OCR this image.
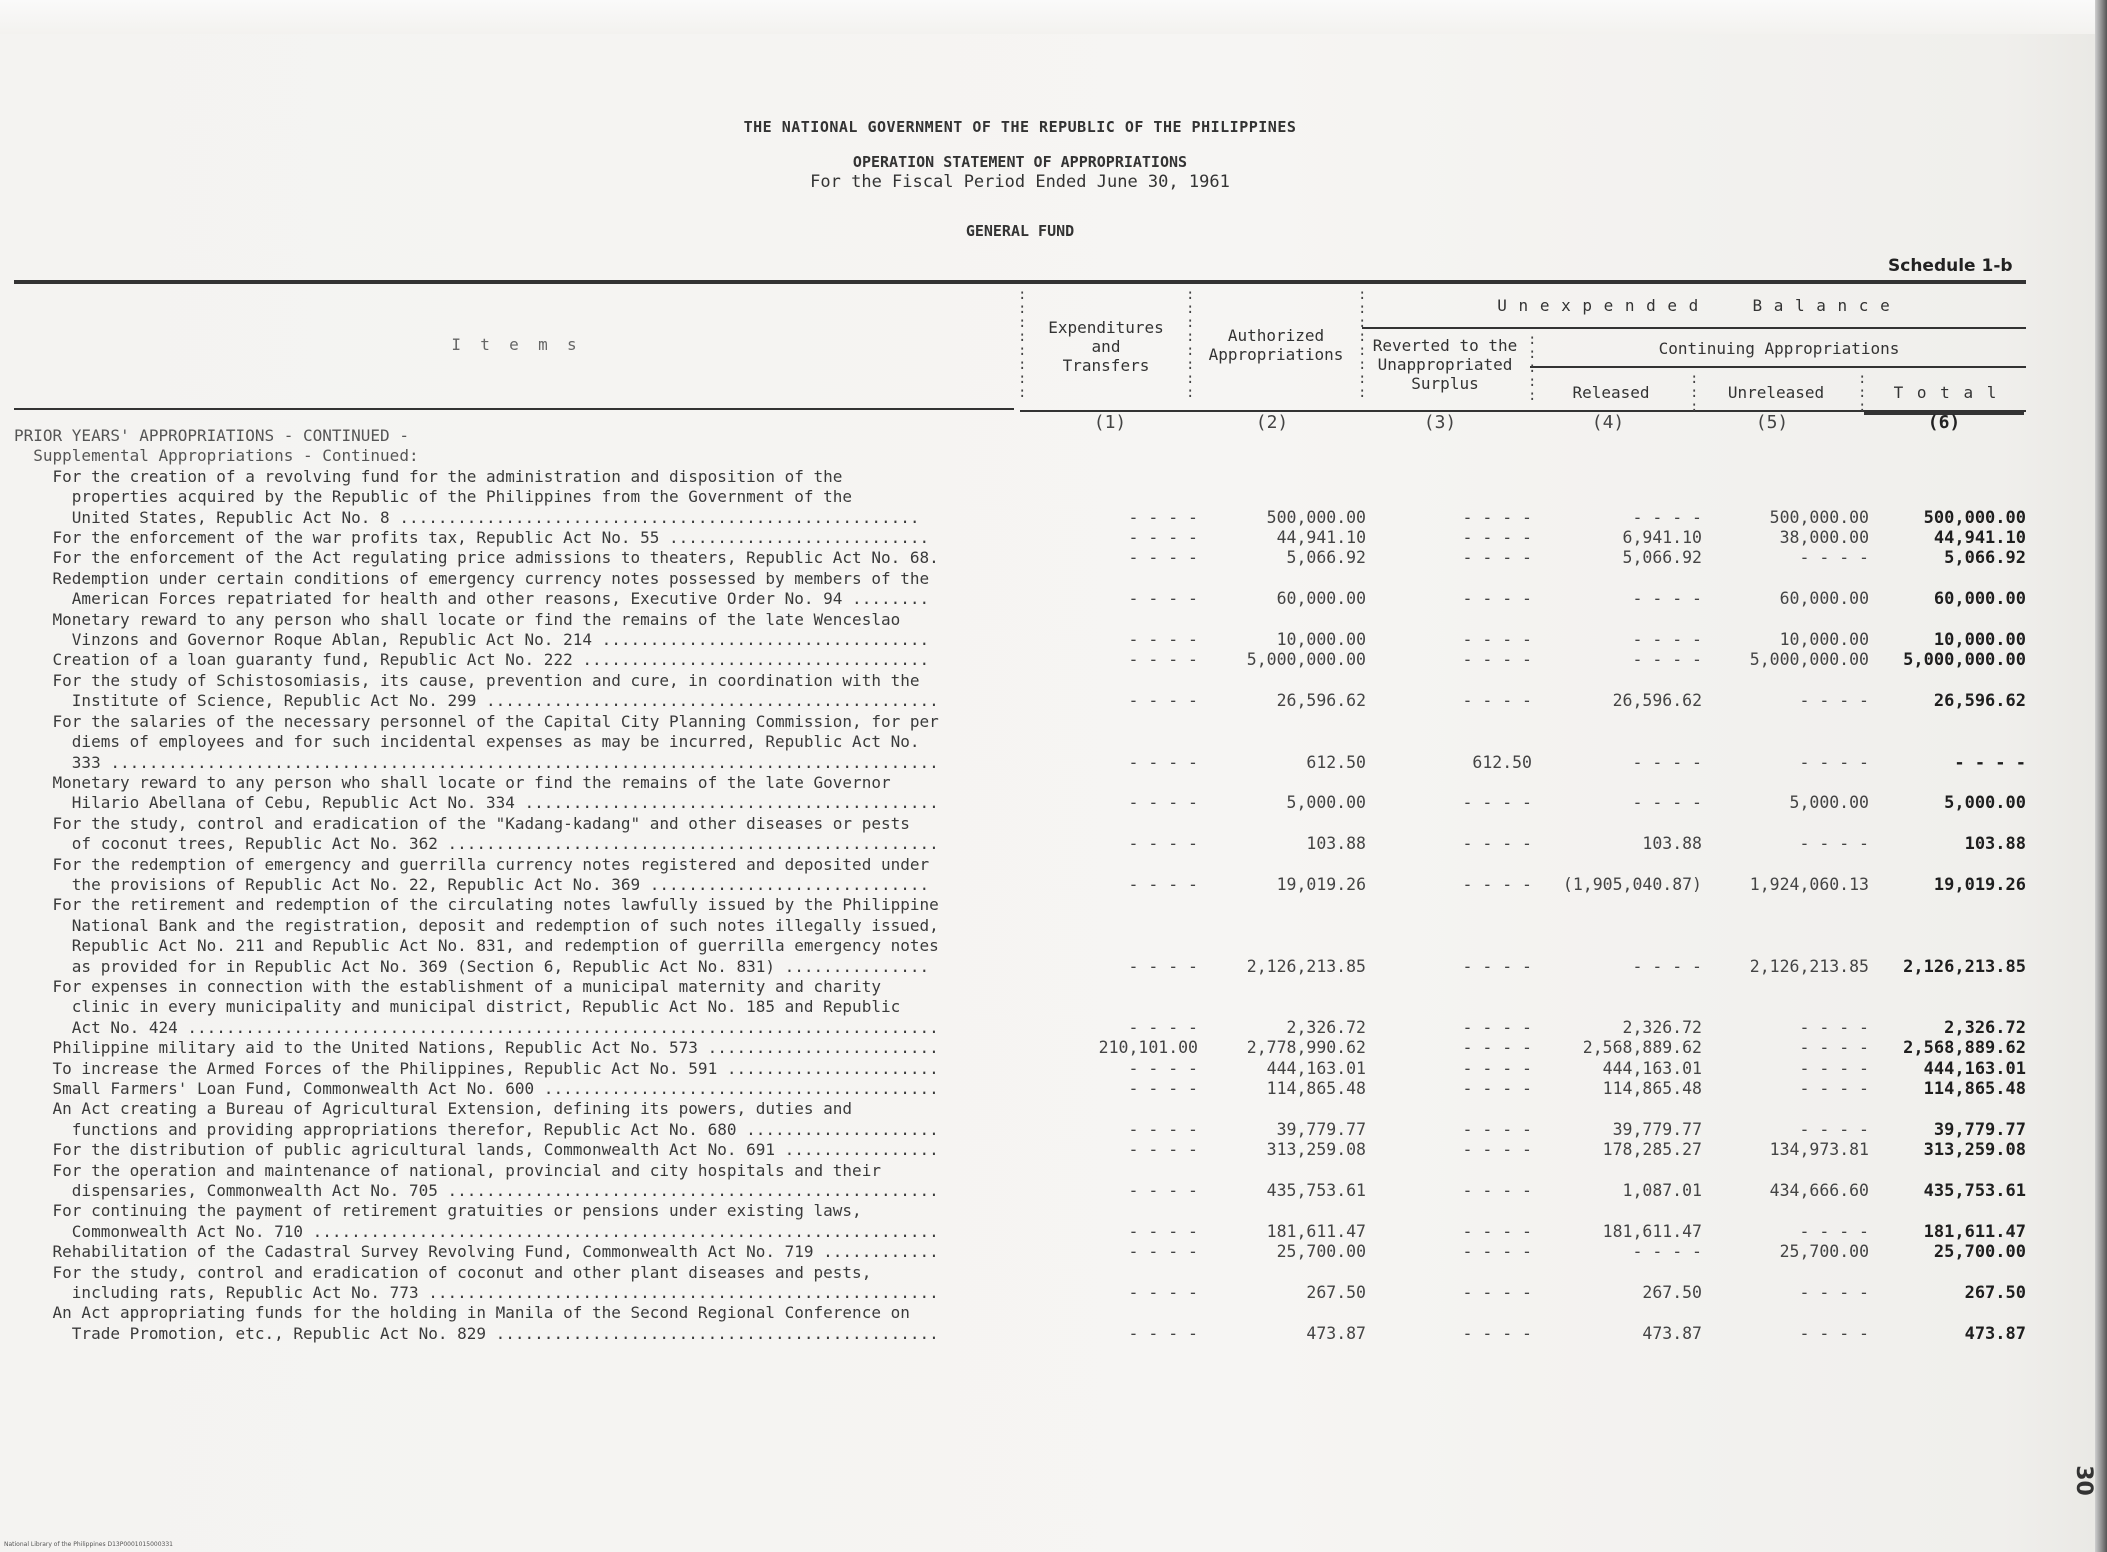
THE NATIONAL GOVERNMENT OF THE REPUBLIC OF THE PHILIPPINES
OPERATION STATEMENT OF APPROPRIATIONS
For the Fiscal Period Ended June 30, 1961
GENERAL FUND
Schedule 1-b
:
:
:
:
:
:
:
:
:
:
:
:
:
:
:
:
:
:
:
:
:
:
:
:
:
:
:
:
:
:
:
:
:
:
:
I  t  e  m  s
Expenditures
and
Transfers
Authorized
Appropriations
U n e x p e n d e d     B a l a n c e
Reverted to the
Unappropriated
Surplus
Continuing Appropriations
Released	Unreleased	T o t a l
(1)	(2)	(3)	(4)	(5)	(6)
PRIOR YEARS' APPROPRIATIONS - CONTINUED -
Supplemental Appropriations - Continued:
For the creation of a revolving fund for the administration and disposition of the
properties acquired by the Republic of the Philippines from the Government of the
United States, Republic Act No. 8 ......................................................	- - - -	500,000.00	- - - -	- - - -	500,000.00	500,000.00
For the enforcement of the war profits tax, Republic Act No. 55 ...........................	- - - -	44,941.10	- - - -	6,941.10	38,000.00	44,941.10
For the enforcement of the Act regulating price admissions to theaters, Republic Act No. 68.	- - - -	5,066.92	- - - -	5,066.92	- - - -	5,066.92
Redemption under certain conditions of emergency currency notes possessed by members of the
American Forces repatriated for health and other reasons, Executive Order No. 94 ........	- - - -	60,000.00	- - - -	- - - -	60,000.00	60,000.00
Monetary reward to any person who shall locate or find the remains of the late Wenceslao
Vinzons and Governor Roque Ablan, Republic Act No. 214 ..................................	- - - -	10,000.00	- - - -	- - - -	10,000.00	10,000.00
Creation of a loan guaranty fund, Republic Act No. 222 ....................................	- - - -	5,000,000.00	- - - -	- - - -	5,000,000.00	5,000,000.00
For the study of Schistosomiasis, its cause, prevention and cure, in coordination with the
Institute of Science, Republic Act No. 299 ...............................................	- - - -	26,596.62	- - - -	26,596.62	- - - -	26,596.62
For the salaries of the necessary personnel of the Capital City Planning Commission, for per
diems of employees and for such incidental expenses as may be incurred, Republic Act No.
333 ......................................................................................	- - - -	612.50	612.50	- - - -	- - - -	- - - -
Monetary reward to any person who shall locate or find the remains of the late Governor
Hilario Abellana of Cebu, Republic Act No. 334 ...........................................	- - - -	5,000.00	- - - -	- - - -	5,000.00	5,000.00
For the study, control and eradication of the "Kadang-kadang" and other diseases or pests
of coconut trees, Republic Act No. 362 ...................................................	- - - -	103.88	- - - -	103.88	- - - -	103.88
For the redemption of emergency and guerrilla currency notes registered and deposited under
the provisions of Republic Act No. 22, Republic Act No. 369 .............................	- - - -	19,019.26	- - - -	(1,905,040.87)	1,924,060.13	19,019.26
For the retirement and redemption of the circulating notes lawfully issued by the Philippine
National Bank and the registration, deposit and redemption of such notes illegally issued,
Republic Act No. 211 and Republic Act No. 831, and redemption of guerrilla emergency notes
as provided for in Republic Act No. 369 (Section 6, Republic Act No. 831) ...............	- - - -	2,126,213.85	- - - -	- - - -	2,126,213.85	2,126,213.85
For expenses in connection with the establishment of a municipal maternity and charity
clinic in every municipality and municipal district, Republic Act No. 185 and Republic
Act No. 424 ..............................................................................	- - - -	2,326.72	- - - -	2,326.72	- - - -	2,326.72
Philippine military aid to the United Nations, Republic Act No. 573 ........................	210,101.00	2,778,990.62	- - - -	2,568,889.62	- - - -	2,568,889.62
To increase the Armed Forces of the Philippines, Republic Act No. 591 ......................	- - - -	444,163.01	- - - -	444,163.01	- - - -	444,163.01
Small Farmers' Loan Fund, Commonwealth Act No. 600 .........................................	- - - -	114,865.48	- - - -	114,865.48	- - - -	114,865.48
An Act creating a Bureau of Agricultural Extension, defining its powers, duties and
functions and providing appropriations therefor, Republic Act No. 680 ....................	- - - -	39,779.77	- - - -	39,779.77	- - - -	39,779.77
For the distribution of public agricultural lands, Commonwealth Act No. 691 ................	- - - -	313,259.08	- - - -	178,285.27	134,973.81	313,259.08
For the operation and maintenance of national, provincial and city hospitals and their
dispensaries, Commonwealth Act No. 705 ...................................................	- - - -	435,753.61	- - - -	1,087.01	434,666.60	435,753.61
For continuing the payment of retirement gratuities or pensions under existing laws,
Commonwealth Act No. 710 .................................................................	- - - -	181,611.47	- - - -	181,611.47	- - - -	181,611.47
Rehabilitation of the Cadastral Survey Revolving Fund, Commonwealth Act No. 719 ............	- - - -	25,700.00	- - - -	- - - -	25,700.00	25,700.00
For the study, control and eradication of coconut and other plant diseases and pests,
including rats, Republic Act No. 773 .....................................................	- - - -	267.50	- - - -	267.50	- - - -	267.50
An Act appropriating funds for the holding in Manila of the Second Regional Conference on
Trade Promotion, etc., Republic Act No. 829 ..............................................	- - - -	473.87	- - - -	473.87	- - - -	473.87
30
National Library of the Philippines D13P0001015000331
